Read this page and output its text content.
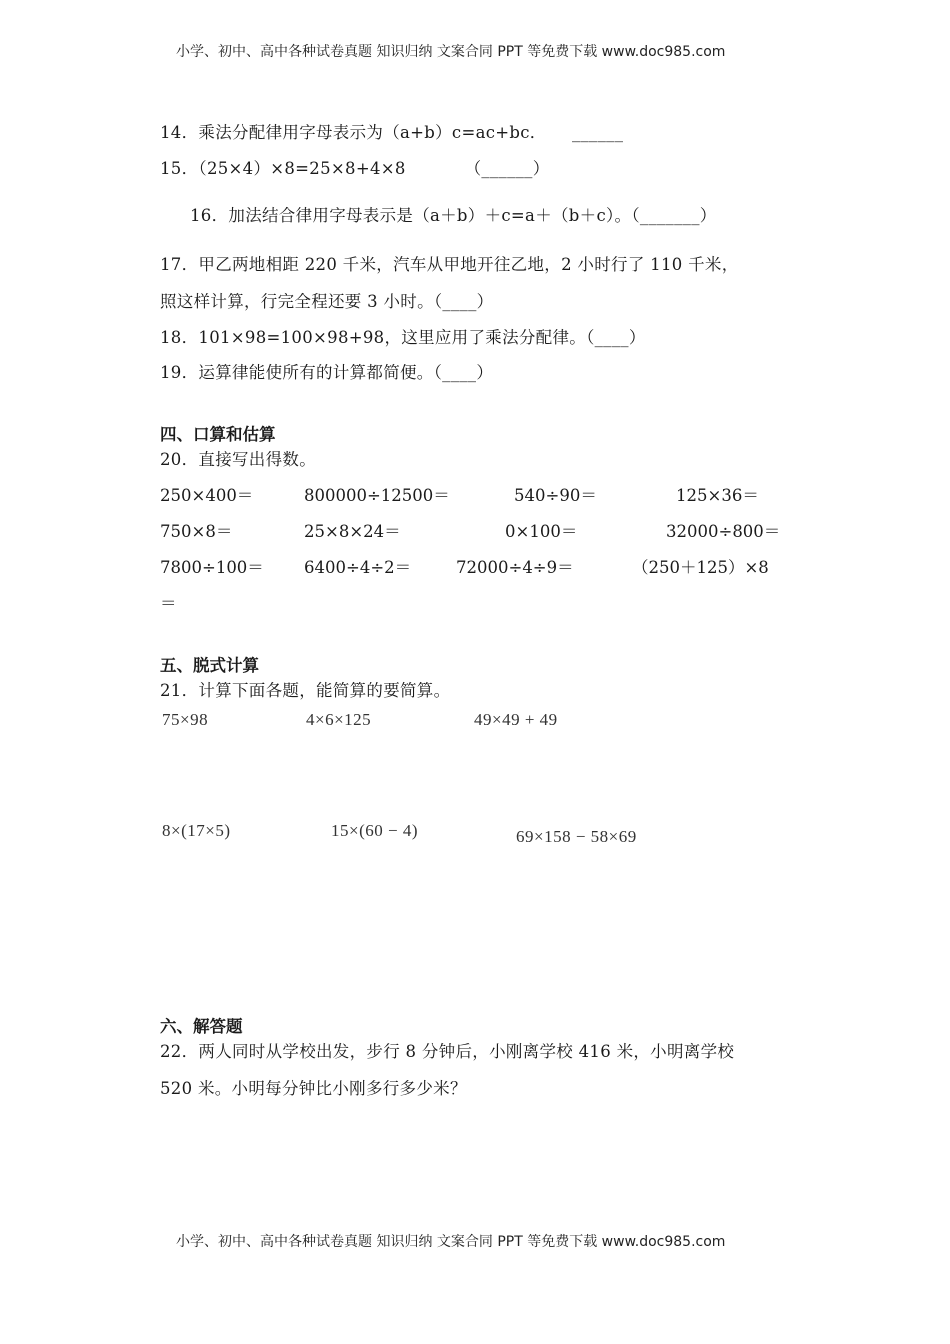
小学、初中、高中各种试卷真题 知识归纳 文案合同 PPT 等免费下载 www.doc985.com
14．乘法分配律用字母表示为（a+b）c=ac+bc．　　______
15．（25×4）×8=25×8+4×8　　　　（______）
16．加法结合律用字母表示是（a＋b）＋c=a＋（b＋c）。（_______）
17．甲乙两地相距 220 千米，汽车从甲地开往乙地，2 小时行了 110 千米，
照这样计算，行完全程还要 3 小时。（____）
18．101×98=100×98+98，这里应用了乘法分配律。（____）
19．运算律能使所有的计算都简便。（____）
四、口算和估算
20．直接写出得数。
250×400＝	800000÷12500＝	540÷90＝	125×36＝
750×8＝	25×8×24＝	0×100＝	32000÷800＝
7800÷100＝ 6400÷4÷2＝	72000÷4÷9＝	（250＋125）×8
＝
五、脱式计算
21．计算下面各题，能简算的要简算。
75×98	4×6×125	49×49 + 49
8×(17×5)	15×(60 − 4)	69×158 − 58×69
六、解答题
22．两人同时从学校出发，步行 8 分钟后，小刚离学校 416 米，小明离学校
520 米。小明每分钟比小刚多行多少米？
小学、初中、高中各种试卷真题 知识归纳 文案合同 PPT 等免费下载 www.doc985.com
